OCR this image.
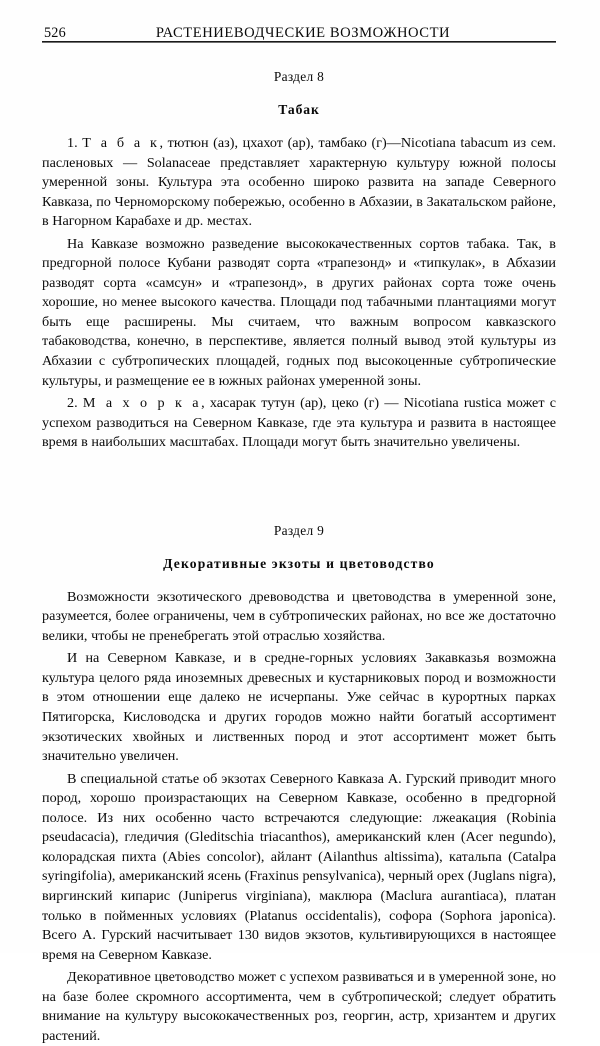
526	РАСТЕНИЕВОДЧЕСКИЕ ВОЗМОЖНОСТИ
Раздел 8
Табак

1. Т а б а к, тютюн (аз), цхахот (ар), тамбако (г)—Nicotiana tabacum из сем. пасленовых — Solanaceae представляет характерную культуру южной полосы умеренной зоны. Культура эта особенно широко развита на западе Северного Кавказа, по Черноморскому побережью, особенно в Абхазии, в Закатальском районе, в Нагорном Карабахе и др. местах.

На Кавказе возможно разведение высококачественных сортов табака. Так, в предгорной полосе Кубани разводят сорта «трапезонд» и «типкулак», в Абхазии разводят сорта «самсун» и «трапезонд», в других районах сорта тоже очень хорошие, но менее высокого качества. Площади под табачными плантациями могут быть еще расширены. Мы считаем, что важным вопросом кавказского табаководства, конечно, в перспективе, является полный вывод этой культуры из Абхазии с субтропических площадей, годных под высокоценные субтропические культуры, и размещение ее в южных районах умеренной зоны.

2. М а х о р к а, хасарак тутун (ар), цеко (г) — Nicotiana rustica может с успехом разводиться на Северном Кавказе, где эта культура и развита в настоящее время в наибольших масштабах. Площади могут быть значительно увеличены.

Раздел 9
Декоративные экзоты и цветоводство

Возможности экзотического древоводства и цветоводства в умеренной зоне, разумеется, более ограничены, чем в субтропических районах, но все же достаточно велики, чтобы не пренебрегать этой отраслью хозяйства.

И на Северном Кавказе, и в средне-горных условиях Закавказья возможна культура целого ряда иноземных древесных и кустарниковых пород и возможности в этом отношении еще далеко не исчерпаны. Уже сейчас в курортных парках Пятигорска, Кисловодска и других городов можно найти богатый ассортимент экзотических хвойных и лиственных пород и этот ассортимент может быть значительно увеличен.

В специальной статье об экзотах Северного Кавказа А. Гурский приводит много пород, хорошо произрастающих на Северном Кавказе, особенно в предгорной полосе. Из них особенно часто встречаются следующие: лжеакация (Robinia pseudacacia), гледичия (Gleditschia triacanthos), американский клен (Acer negundo), колорадская пихта (Abies concolor), айлант (Ailanthus altissima), катальпа (Catalpa syringifolia), американский ясень (Fraxinus pensylvanica), черный орех (Juglans nigra), виргинский кипарис (Juniperus virginiana), маклюра (Maclura aurantiaca), платан только в пойменных условиях (Platanus occidentalis), софора (Sophora japonica). Всего А. Гурский насчитывает 130 видов экзотов, культивирующихся в настоящее время на Северном Кавказе.

Декоративное цветоводство может с успехом развиваться и в умеренной зоне, но на базе более скромного ассортимента, чем в субтропической; следует обратить внимание на культуру высококачественных роз, георгин, астр, хризантем и других растений.
